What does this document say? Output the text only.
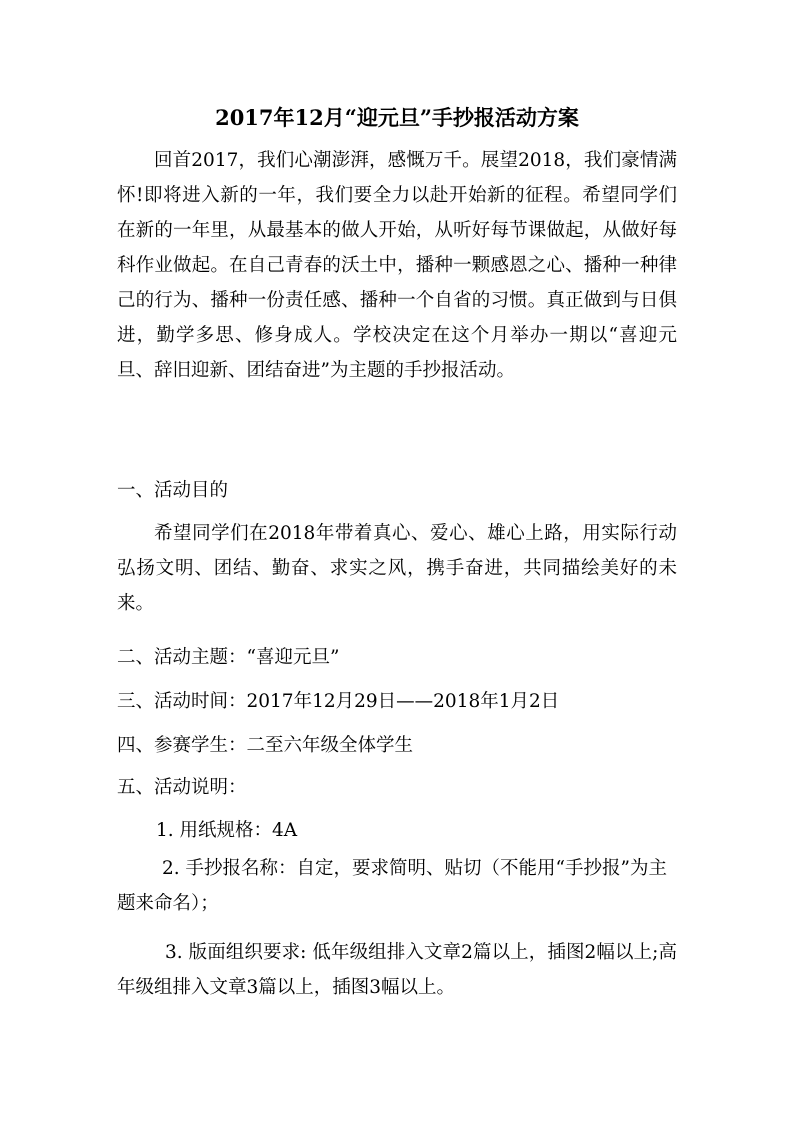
2017年12月“迎元旦”手抄报活动方案
回首2017，我们心潮澎湃，感慨万千。展望2018，我们豪情满怀!即将进入新的一年，我们要全力以赴开始新的征程。希望同学们在新的一年里，从最基本的做人开始，从听好每节课做起，从做好每科作业做起。在自己青春的沃土中，播种一颗感恩之心、播种一种律己的行为、播种一份责任感、播种一个自省的习惯。真正做到与日俱进，勤学多思、修身成人。学校决定在这个月举办一期以“喜迎元旦、辞旧迎新、团结奋进”为主题的手抄报活动。
一、活动目的
希望同学们在2018年带着真心、爱心、雄心上路，用实际行动弘扬文明、团结、勤奋、求实之风，携手奋进，共同描绘美好的未来。
二、活动主题：“喜迎元旦”
三、活动时间：2017年12月29日——2018年1月2日
四、参赛学生：二至六年级全体学生
五、活动说明：
1. 用纸规格：4A
2. 手抄报名称：自定，要求简明、贴切（不能用“手抄报”为主题来命名）；
3. 版面组织要求: 低年级组排入文章2篇以上，插图2幅以上;高年级组排入文章3篇以上，插图3幅以上。
